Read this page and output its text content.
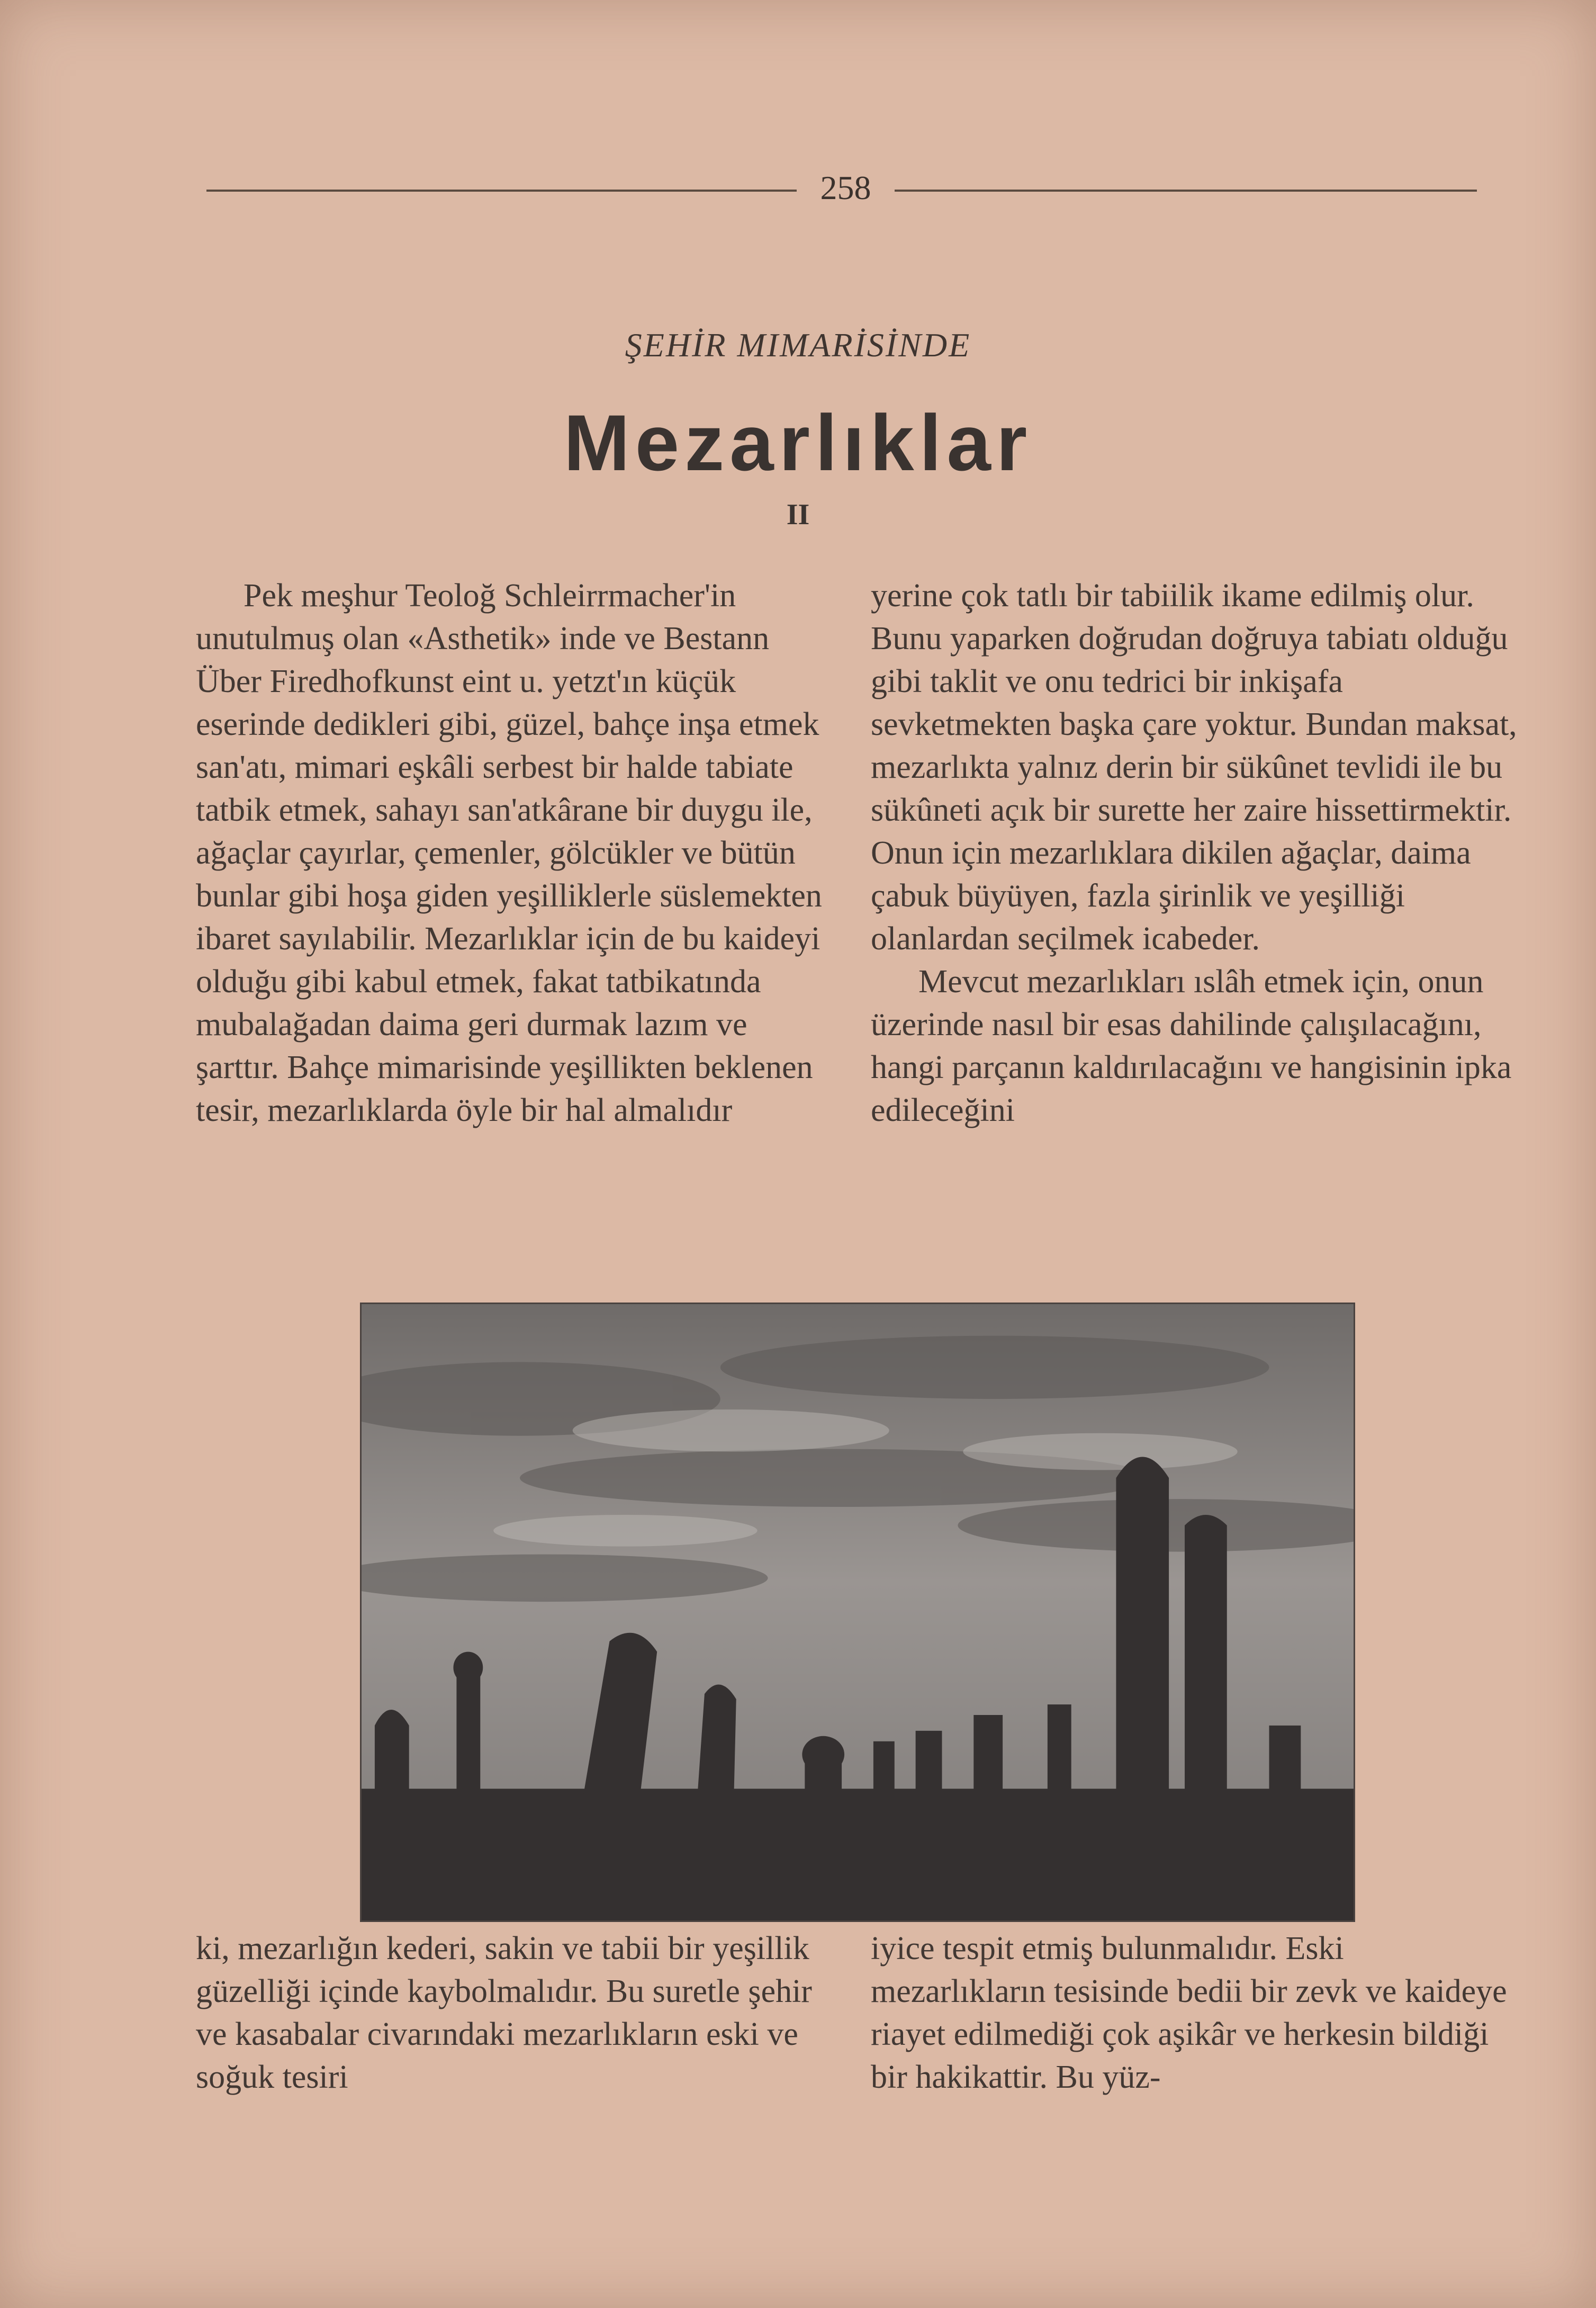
258
ŞEHİR MIMARİSİNDE
Mezarlıklar
II

Pek meşhur Teoloğ Schleirrmacher'in unutulmuş olan «Asthetik» inde ve Bestann Über Firedhofkunst eint u. yetzt'ın küçük eserinde dedikleri gibi, güzel, bahçe inşa etmek san'atı, mimari eşkâli serbest bir halde tabiate tatbik etmek, sahayı san'atkârane bir duygu ile, ağaçlar çayırlar, çemenler, gölcükler ve bütün bunlar gibi hoşa giden yeşilliklerle süslemekten ibaret sayılabilir. Mezarlıklar için de bu kaideyi olduğu gibi kabul etmek, fakat tatbikatında mubalağadan daima geri durmak lazım ve şarttır. Bahçe mimarisinde yeşillikten beklenen tesir, mezarlıklarda öyle bir hal almalıdır

yerine çok tatlı bir tabiilik ikame edilmiş olur. Bunu yaparken doğrudan doğruya tabiatı olduğu gibi taklit ve onu tedrici bir inkişafa sevketmekten başka çare yoktur. Bundan maksat, mezarlıkta yalnız derin bir sükûnet tevlidi ile bu sükûneti açık bir surette her zaire hissettirmektir. Onun için mezarlıklara dikilen ağaçlar, daima çabuk büyüyen, fazla şirinlik ve yeşilliği olanlardan seçilmek icabeder.
Mevcut mezarlıkları ıslâh etmek için, onun üzerinde nasıl bir esas dahilinde çalışılacağını, hangi parçanın kaldırılacağını ve hangisinin ipka edileceğini

ki, mezarlığın kederi, sakin ve tabii bir yeşillik güzelliği içinde kaybolmalıdır. Bu suretle şehir ve kasabalar civarındaki mezarlıkların eski ve soğuk tesiri

iyice tespit etmiş bulunmalıdır. Eski mezarlıkların tesisinde bedii bir zevk ve kaideye riayet edilmediği çok aşikâr ve herkesin bildiği bir hakikattir. Bu yüz-
